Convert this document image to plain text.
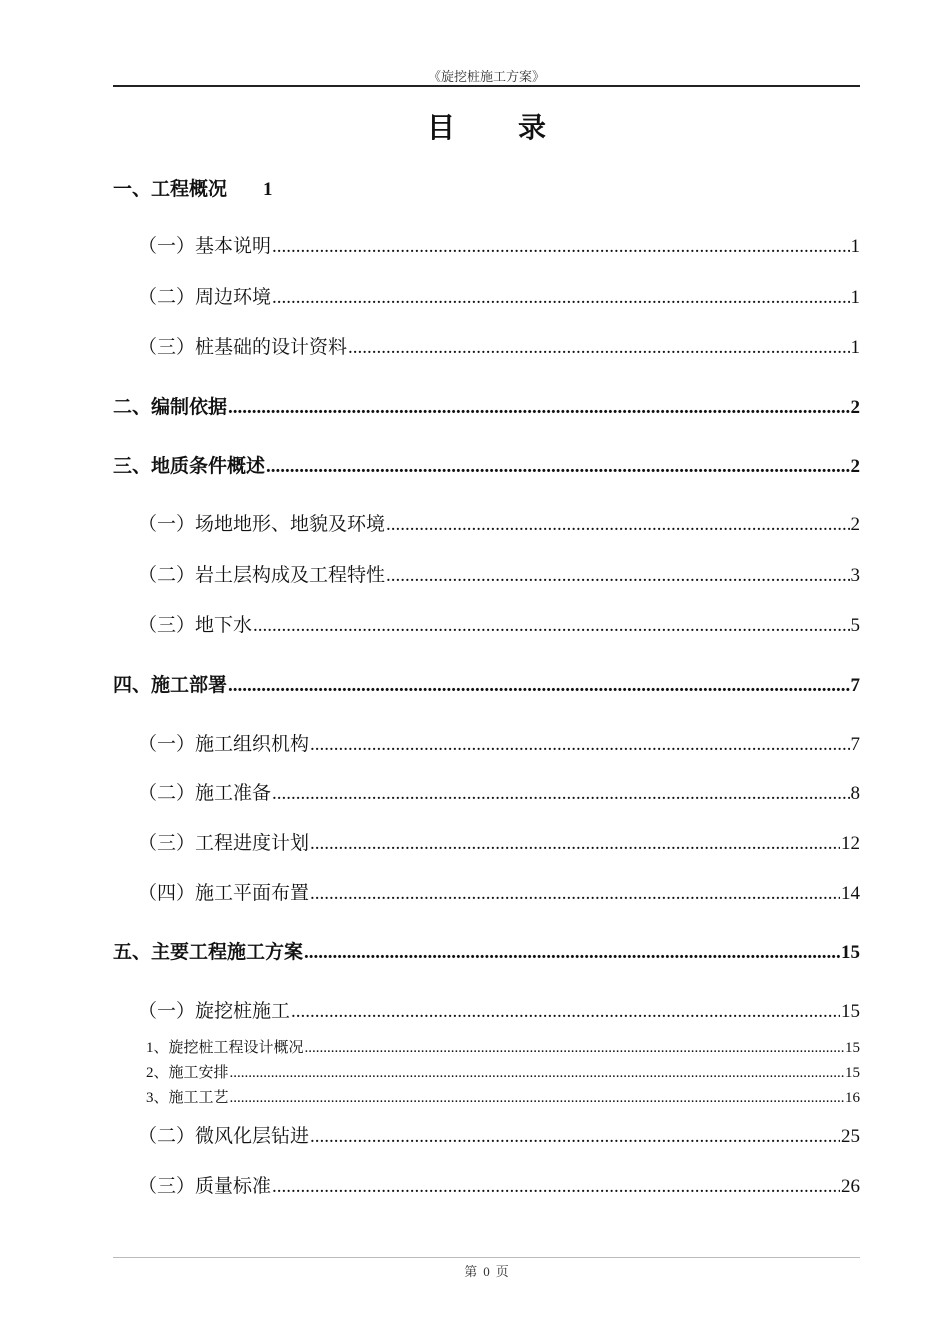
《旋挖桩施工方案》
目 录
一、工程概况 1
（一）基本说明 .....	1
（二）周边环境 .....	1
（三）桩基础的设计资料 .....	1
二、编制依据 .....	2
三、地质条件概述 .....	2
（一）场地地形、地貌及环境 .....	2
（二）岩土层构成及工程特性 .....	3
（三）地下水 .....	5
四、施工部署 .....	7
（一）施工组织机构 .....	7
（二）施工准备 .....	8
（三）工程进度计划 .....	12
（四）施工平面布置 .....	14
五、主要工程施工方案 .....	15
（一）旋挖桩施工 .....	15
1、旋挖桩工程设计概况 .....	15
2、施工安排 .....	15
3、施工工艺 .....	16
（二）微风化层钻进 .....	25
（三）质量标准 .....	26
第 0 页
